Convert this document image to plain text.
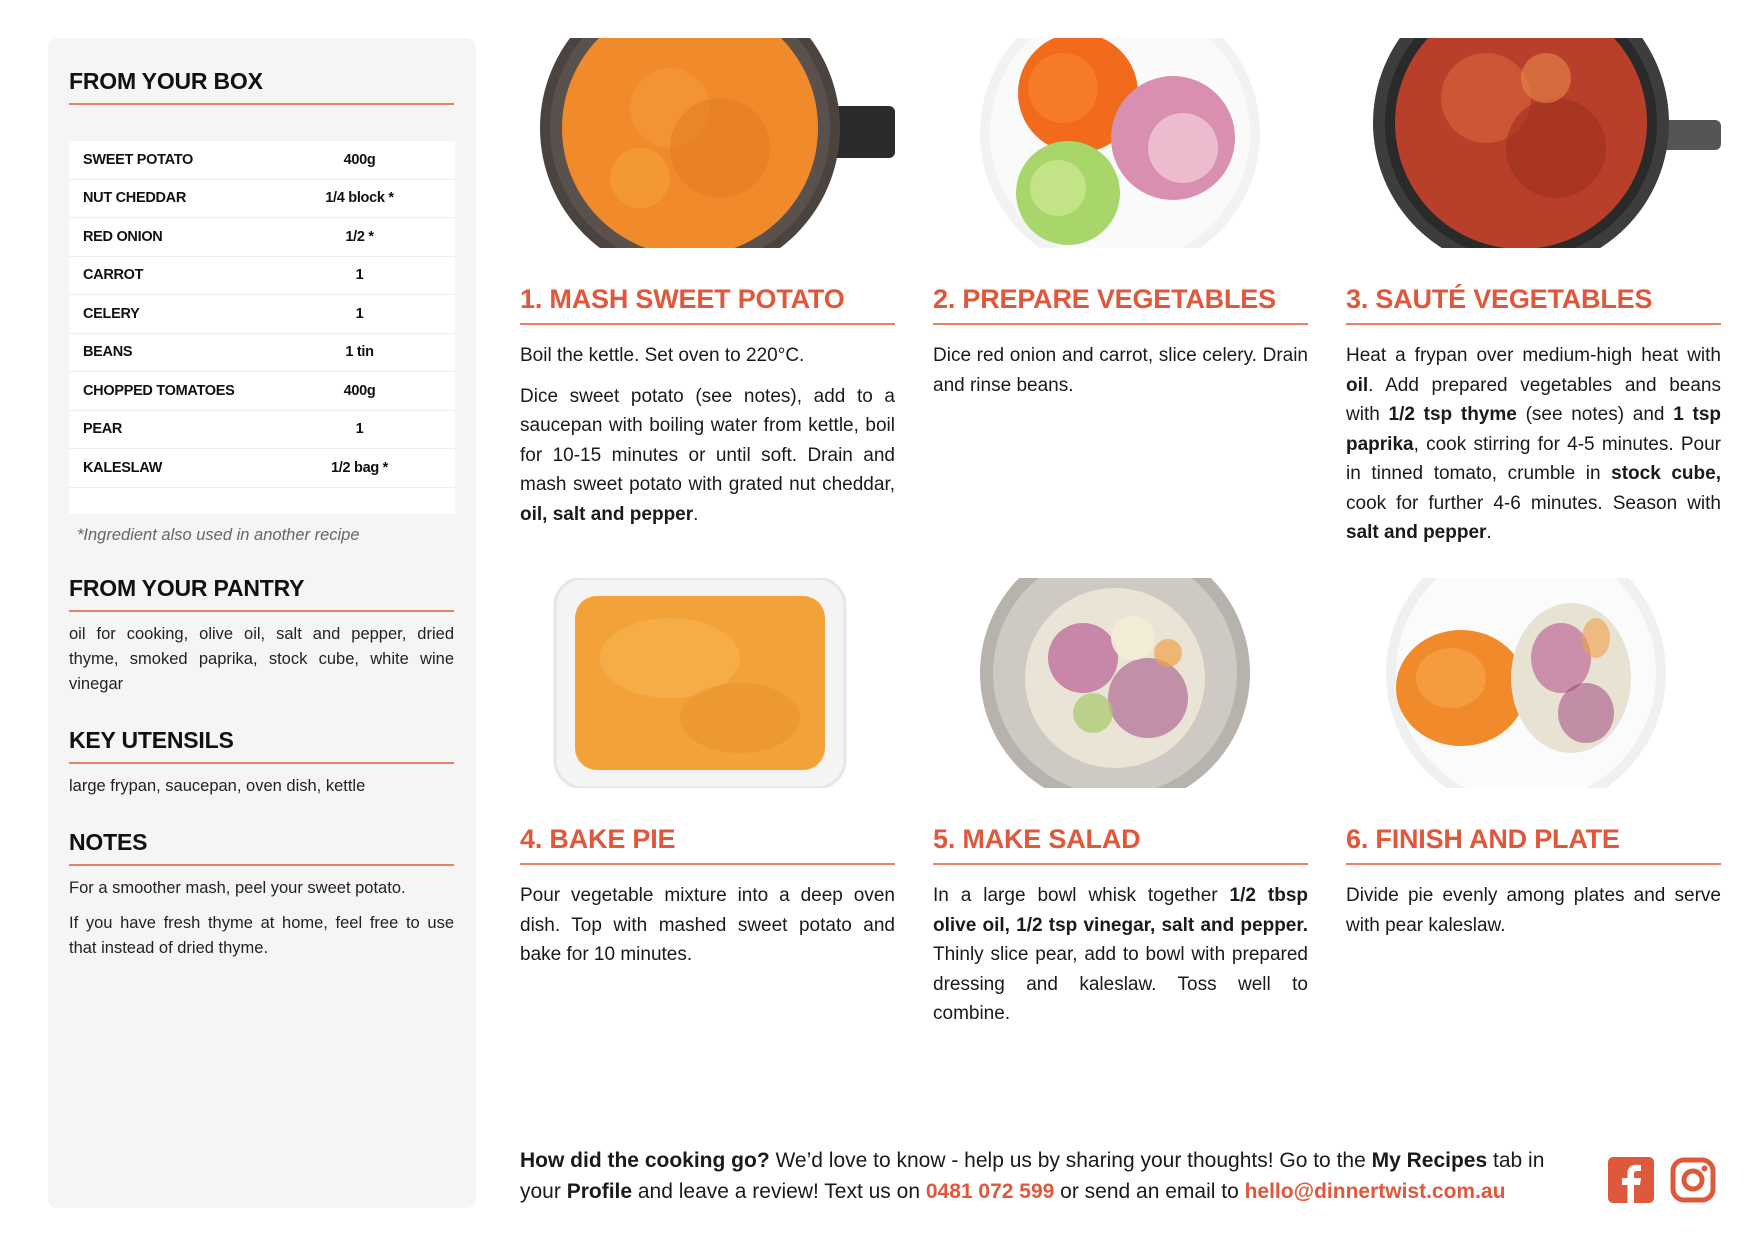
FROM YOUR BOX
SWEET POTATO	400g
NUT CHEDDAR	1/4 block *
RED ONION	1/2 *
CARROT	1
CELERY	1
BEANS	1 tin
CHOPPED TOMATOES	400g
PEAR	1
KALESLAW	1/2 bag *
*Ingredient also used in another recipe
FROM YOUR PANTRY
oil for cooking, olive oil, salt and pepper, dried thyme, smoked paprika, stock cube, white wine vinegar
KEY UTENSILS
large frypan, saucepan, oven dish, kettle
NOTES
For a smoother mash, peel your sweet potato.
If you have fresh thyme at home, feel free to use that instead of dried thyme.
1. MASH SWEET POTATO

Boil the kettle. Set oven to 220°C.

Dice sweet potato (see notes), add to a saucepan with boiling water from kettle, boil for 10-15 minutes or until soft. Drain and mash sweet potato with grated nut cheddar, oil, salt and pepper.

2. PREPARE VEGETABLES

Dice red onion and carrot, slice celery. Drain and rinse beans.

3. SAUTÉ VEGETABLES

Heat a frypan over medium-high heat with oil. Add prepared vegetables and beans with 1/2 tsp thyme (see notes) and 1 tsp paprika, cook stirring for 4-5 minutes. Pour in tinned tomato, crumble in stock cube, cook for further 4-6 minutes. Season with salt and pepper.

4. BAKE PIE

Pour vegetable mixture into a deep oven dish. Top with mashed sweet potato and bake for 10 minutes.

5. MAKE SALAD

In a large bowl whisk together 1/2 tbsp olive oil, 1/2 tsp vinegar, salt and pepper. Thinly slice pear, add to bowl with prepared dressing and kaleslaw. Toss well to combine.

6. FINISH AND PLATE

Divide pie evenly among plates and serve with pear kaleslaw.

How did the cooking go? We’d love to know - help us by sharing your thoughts! Go to the My Recipes tab in your Profile and leave a review! Text us on 0481 072 599 or send an email to hello@dinnertwist.com.au
